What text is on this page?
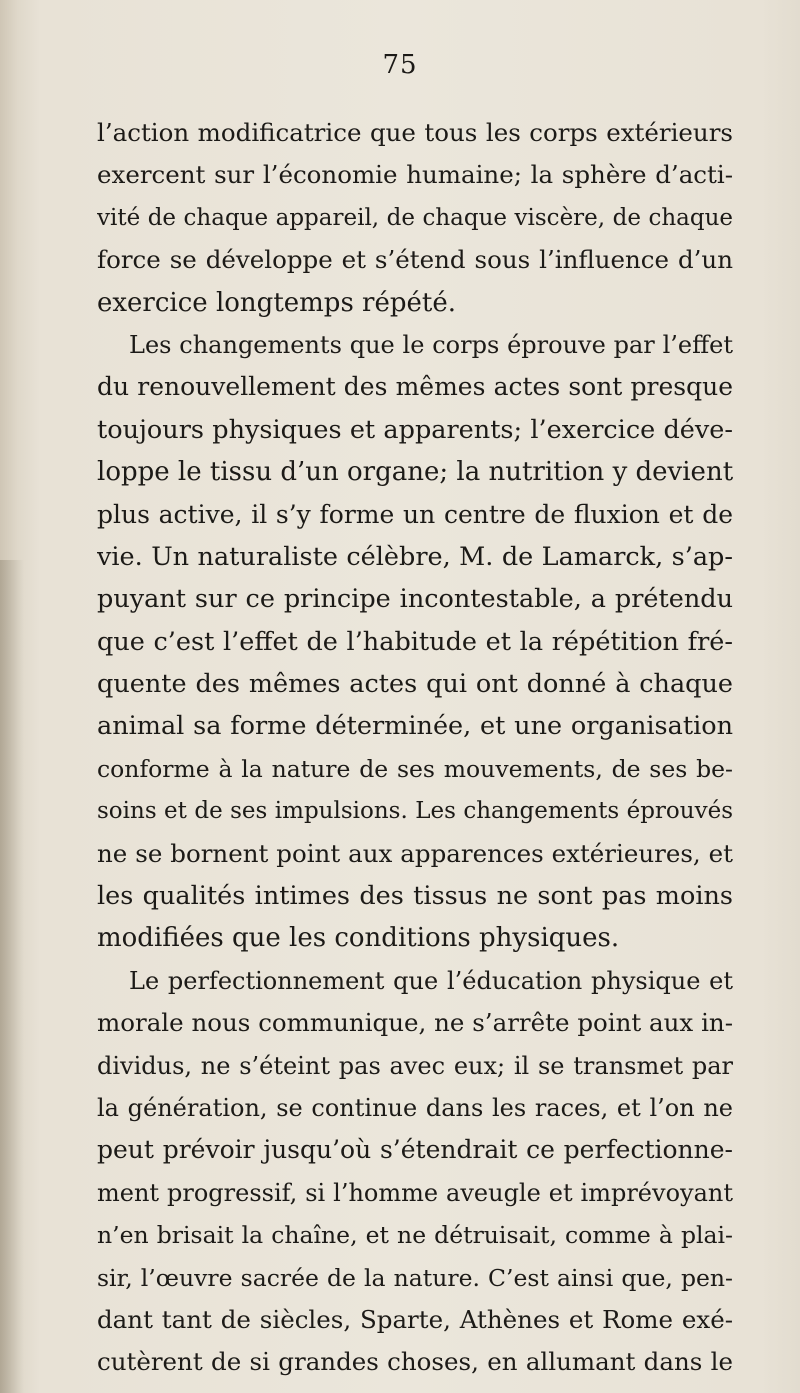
75
l’action modificatrice que tous les corps extérieurs
exercent sur l’économie humaine; la sphère d’acti-
vité de chaque appareil, de chaque viscère, de chaque
force se développe et s’étend sous l’influence d’un
exercice longtemps répété.
Les changements que le corps éprouve par l’effet
du renouvellement des mêmes actes sont presque
toujours physiques et apparents; l’exercice déve-
loppe le tissu d’un organe; la nutrition y devient
plus active, il s’y forme un centre de fluxion et de
vie. Un naturaliste célèbre, M. de Lamarck, s’ap-
puyant sur ce principe incontestable, a prétendu
que c’est l’effet de l’habitude et la répétition fré-
quente des mêmes actes qui ont donné à chaque
animal sa forme déterminée, et une organisation
conforme à la nature de ses mouvements, de ses be-
soins et de ses impulsions. Les changements éprouvés
ne se bornent point aux apparences extérieures, et
les qualités intimes des tissus ne sont pas moins
modifiées que les conditions physiques.
Le perfectionnement que l’éducation physique et
morale nous communique, ne s’arrête point aux in-
dividus, ne s’éteint pas avec eux; il se transmet par
la génération, se continue dans les races, et l’on ne
peut prévoir jusqu’où s’étendrait ce perfectionne-
ment progressif, si l’homme aveugle et imprévoyant
n’en brisait la chaîne, et ne détruisait, comme à plai-
sir, l’œuvre sacrée de la nature. C’est ainsi que, pen-
dant tant de siècles, Sparte, Athènes et Rome exé-
cutèrent de si grandes choses, en allumant dans le
